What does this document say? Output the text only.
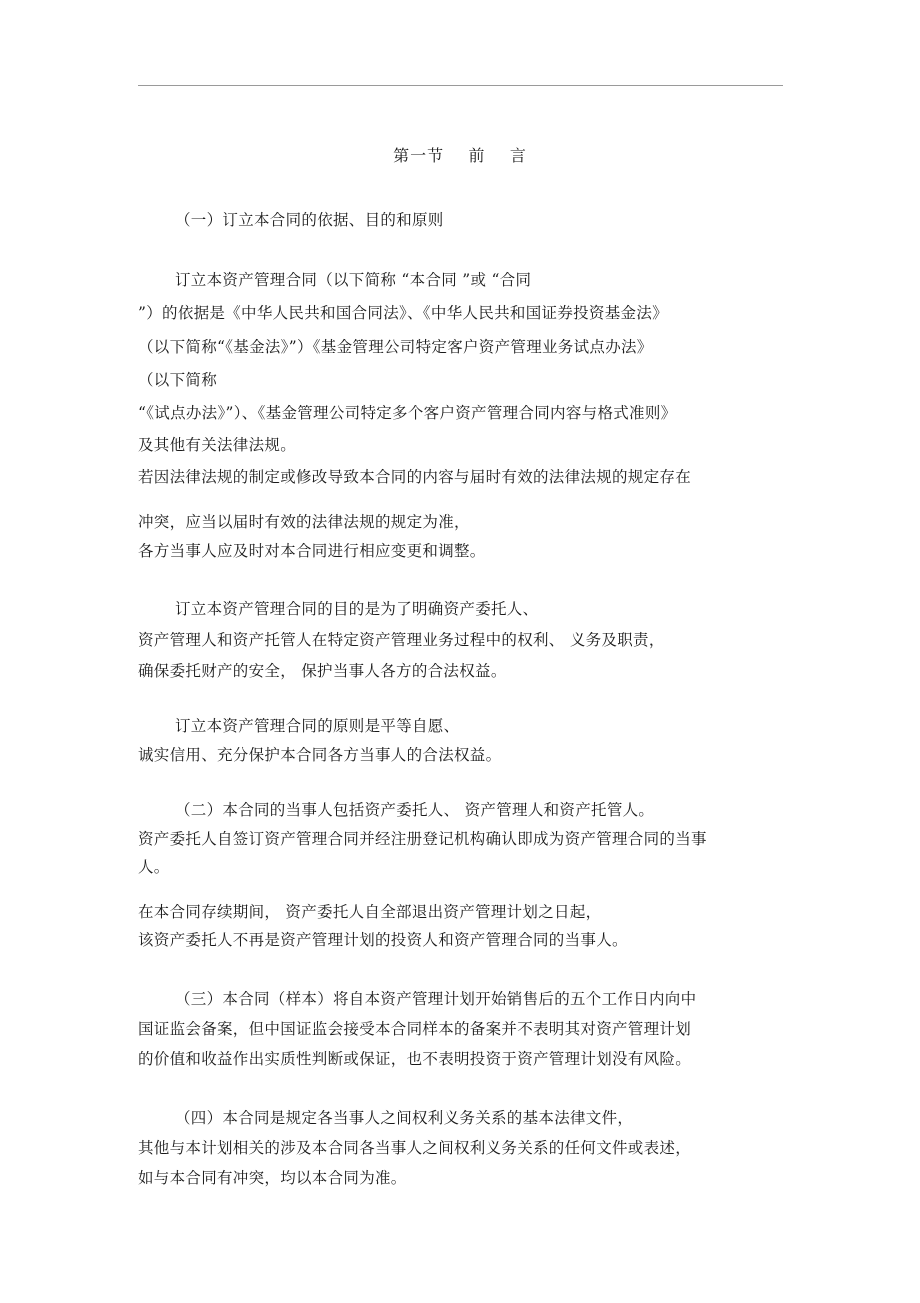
第一节    前    言
（一）订立本合同的依据、目的和原则
订立本资产管理合同（以下简称 “本合同 ”或 “合同
”）的依据是《中华人民共和国合同法》、《中华人民共和国证券投资基金法》
（以下简称“《基金法》”）《基金管理公司特定客户资产管理业务试点办法》
（以下简称
“《试点办法》”）、《基金管理公司特定多个客户资产管理合同内容与格式准则》
及其他有关法律法规。
若因法律法规的制定或修改导致本合同的内容与届时有效的法律法规的规定存在
冲突，应当以届时有效的法律法规的规定为准，
各方当事人应及时对本合同进行相应变更和调整。
订立本资产管理合同的目的是为了明确资产委托人、
资产管理人和资产托管人在特定资产管理业务过程中的权利、 义务及职责，
确保委托财产的安全， 保护当事人各方的合法权益。
订立本资产管理合同的原则是平等自愿、
诚实信用、充分保护本合同各方当事人的合法权益。
（二）本合同的当事人包括资产委托人、 资产管理人和资产托管人。
资产委托人自签订资产管理合同并经注册登记机构确认即成为资产管理合同的当事
人。
在本合同存续期间， 资产委托人自全部退出资产管理计划之日起，
该资产委托人不再是资产管理计划的投资人和资产管理合同的当事人。
（三）本合同（样本）将自本资产管理计划开始销售后的五个工作日内向中
国证监会备案，但中国证监会接受本合同样本的备案并不表明其对资产管理计划
的价值和收益作出实质性判断或保证，也不表明投资于资产管理计划没有风险。
（四）本合同是规定各当事人之间权利义务关系的基本法律文件，
其他与本计划相关的涉及本合同各当事人之间权利义务关系的任何文件或表述，
如与本合同有冲突，均以本合同为准。
